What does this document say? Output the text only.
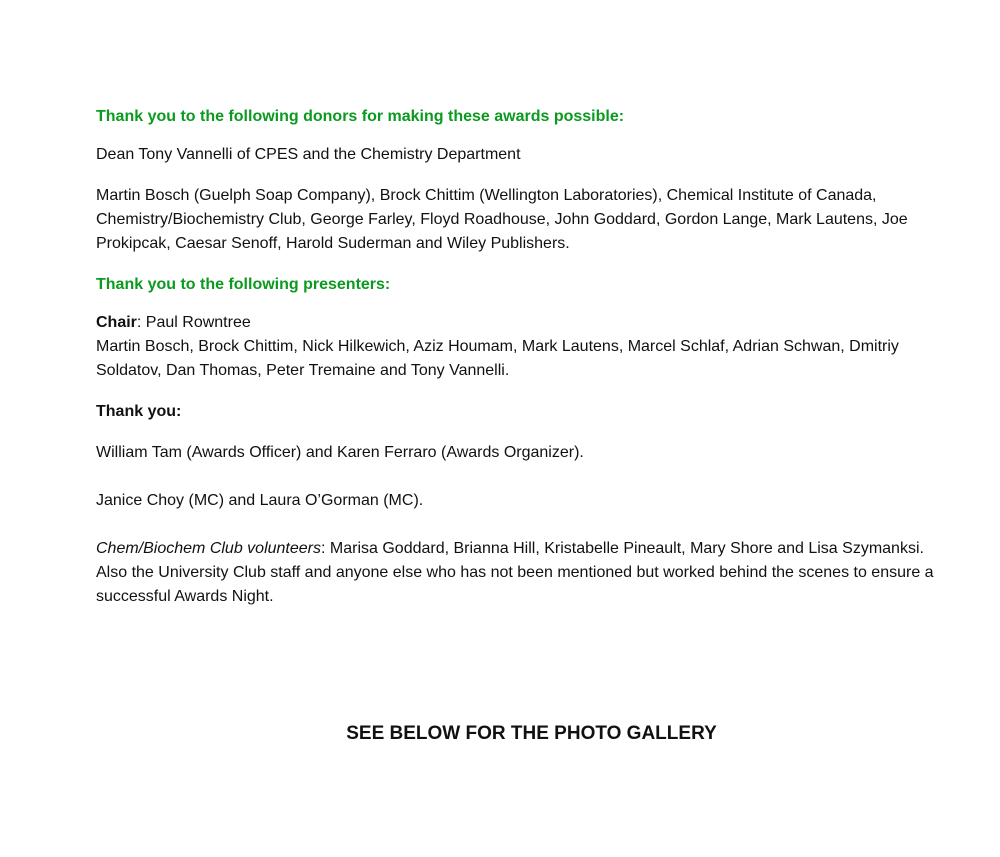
Thank you to the following donors for making these awards possible:

Dean Tony Vannelli of CPES and the Chemistry Department

Martin Bosch (Guelph Soap Company), Brock Chittim (Wellington Laboratories), Chemical Institute of Canada, Chemistry/Biochemistry Club, George Farley, Floyd Roadhouse, John Goddard, Gordon Lange, Mark Lautens, Joe Prokipcak, Caesar Senoff, Harold Suderman and Wiley Publishers.

Thank you to the following presenters:

Chair: Paul Rowntree
Martin Bosch, Brock Chittim, Nick Hilkewich, Aziz Houmam, Mark Lautens, Marcel Schlaf, Adrian Schwan, Dmitriy Soldatov, Dan Thomas, Peter Tremaine and Tony Vannelli.

Thank you:

William Tam (Awards Officer) and Karen Ferraro (Awards Organizer).

Janice Choy (MC) and Laura O’Gorman (MC).

Chem/Biochem Club volunteers: Marisa Goddard, Brianna Hill, Kristabelle Pineault, Mary Shore and Lisa Szymanksi. Also the University Club staff and anyone else who has not been mentioned but worked behind the scenes to ensure a successful Awards Night.

SEE BELOW FOR THE PHOTO GALLERY
